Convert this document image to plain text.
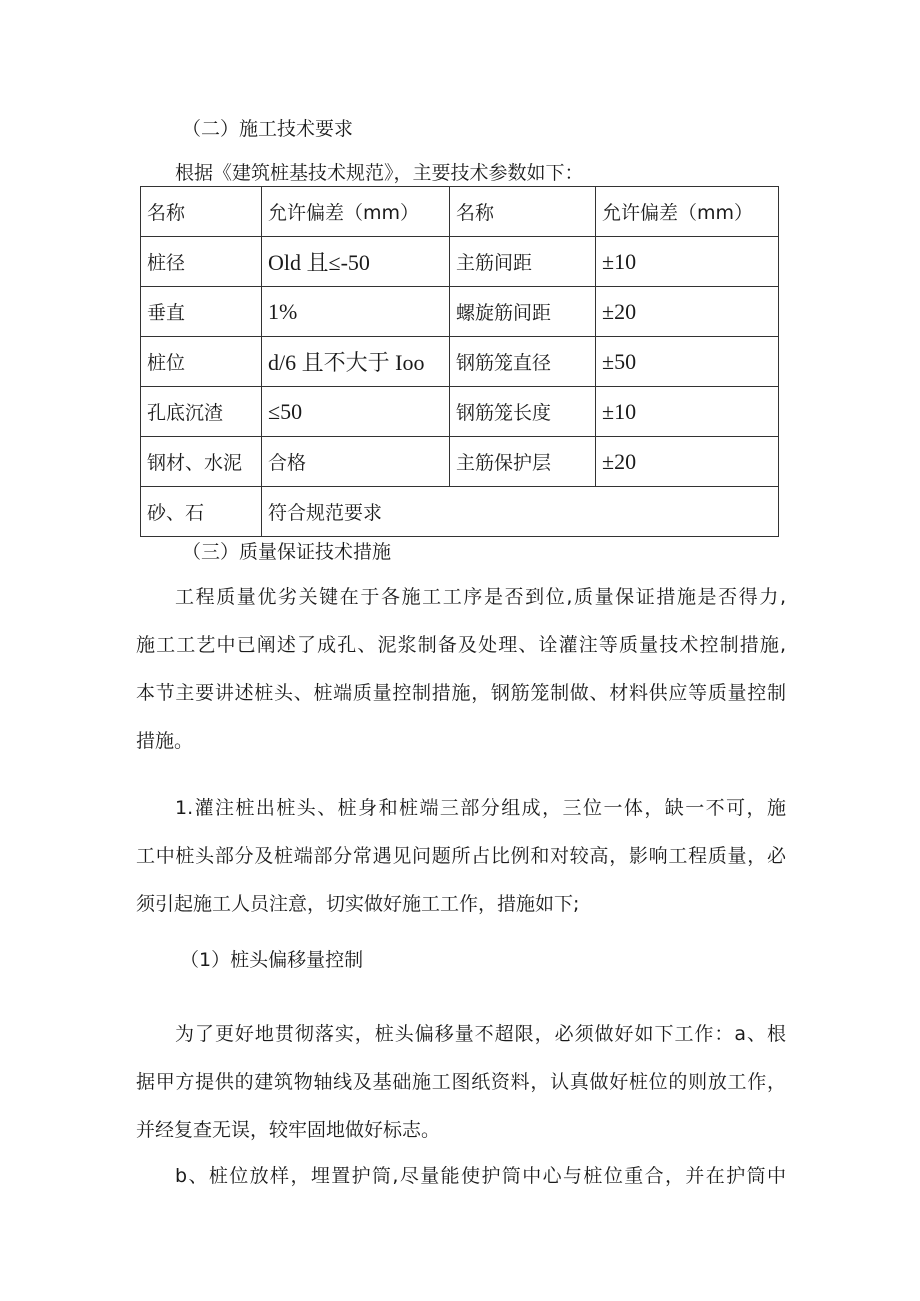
（二）施工技术要求
根据《建筑桩基技术规范》，主要技术参数如下：
名称	允许偏差（mm）	名称	允许偏差（mm）
桩径	Old 且≤-50	主筋间距	±10
垂直	1%	螺旋筋间距	±20
桩位	d/6 且不大于 Ioo	钢筋笼直径	±50
孔底沉渣	≤50	钢筋笼长度	±10
钢材、水泥	合格	主筋保护层	±20
砂、石	符合规范要求		
（三）质量保证技术措施
工程质量优劣关键在于各施工工序是否到位,质量保证措施是否得力,
施工工艺中已阐述了成孔、泥浆制备及处理、诠灌注等质量技术控制措施,
本节主要讲述桩头、桩端质量控制措施，钢筋笼制做、材料供应等质量控制
措施。
1.灌注桩出桩头、桩身和桩端三部分组成，三位一体，缺一不可，施
工中桩头部分及桩端部分常遇见问题所占比例和对较高，影响工程质量，必
须引起施工人员注意，切实做好施工工作，措施如下;
（1）桩头偏移量控制
为了更好地贯彻落实，桩头偏移量不超限，必须做好如下工作：a、根
据甲方提供的建筑物轴线及基础施工图纸资料，认真做好桩位的则放工作，
并经复查无误，较牢固地做好标志。
b、桩位放样，埋置护筒,尽量能使护筒中心与桩位重合，并在护筒中
